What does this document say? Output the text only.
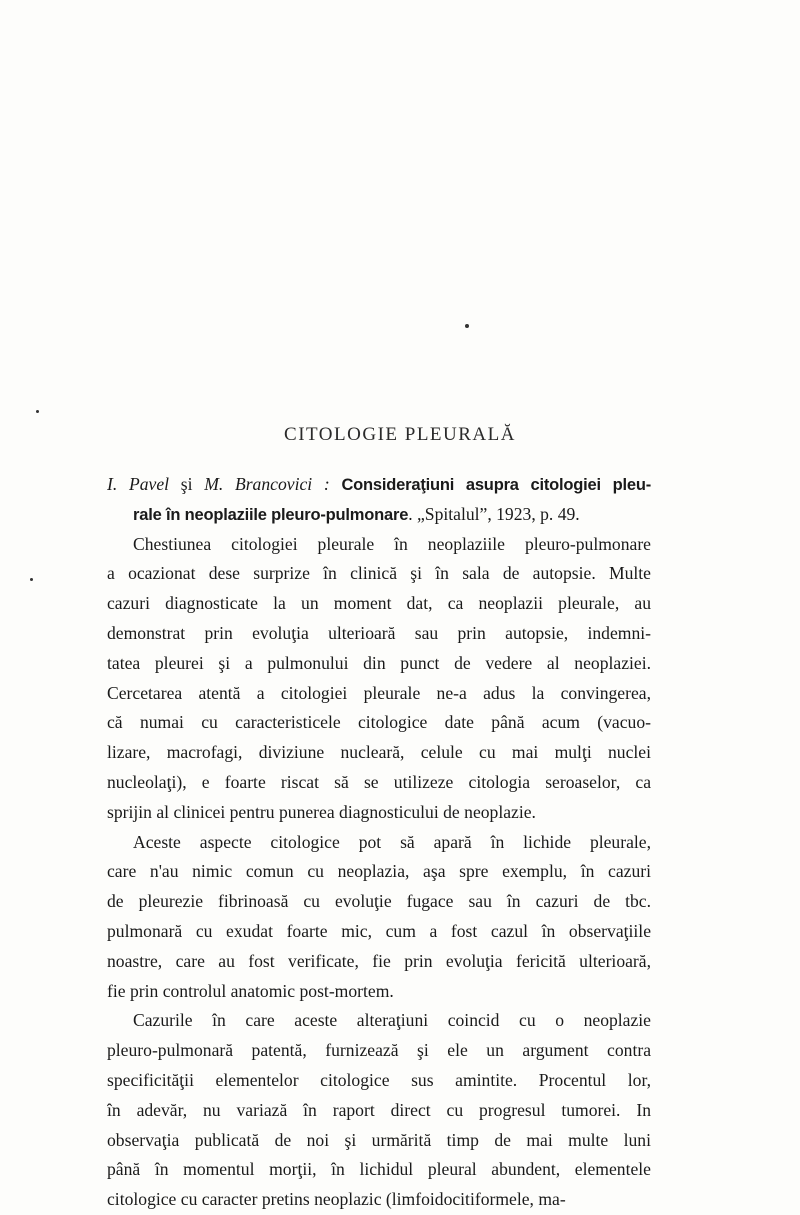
CITOLOGIE PLEURALĂ
I. Pavel şi M. Brancovici : Consideraţiuni asupra citologiei pleu-
rale în neoplaziile pleuro-pulmonare. „Spitalul”, 1923, p. 49.
Chestiunea citologiei pleurale în neoplaziile pleuro-pulmonare
a ocazionat dese surprize în clinică şi în sala de autopsie. Multe
cazuri diagnosticate la un moment dat, ca neoplazii pleurale, au
demonstrat prin evoluţia ulterioară sau prin autopsie, indemni-
tatea pleurei şi a pulmonului din punct de vedere al neoplaziei.
Cercetarea atentă a citologiei pleurale ne-a adus la convingerea,
că numai cu caracteristicele citologice date până acum (vacuo-
lizare, macrofagi, diviziune nucleară, celule cu mai mulţi nuclei
nucleolaţi), e foarte riscat să se utilizeze citologia seroaselor, ca
sprijin al clinicei pentru punerea diagnosticului de neoplazie.
Aceste aspecte citologice pot să apară în lichide pleurale,
care n'au nimic comun cu neoplazia, aşa spre exemplu, în cazuri
de pleurezie fibrinoasă cu evoluţie fugace sau în cazuri de tbc.
pulmonară cu exudat foarte mic, cum a fost cazul în observaţiile
noastre, care au fost verificate, fie prin evoluţia fericită ulterioară,
fie prin controlul anatomic post-mortem.
Cazurile în care aceste alteraţiuni coincid cu o neoplazie
pleuro-pulmonară patentă, furnizează şi ele un argument contra
specificităţii elementelor citologice sus amintite. Procentul lor,
în adevăr, nu variază în raport direct cu progresul tumorei. In
observaţia publicată de noi şi urmărită timp de mai multe luni
până în momentul morţii, în lichidul pleural abundent, elementele
citologice cu caracter pretins neoplazic (limfoidocitiformele, ma-
